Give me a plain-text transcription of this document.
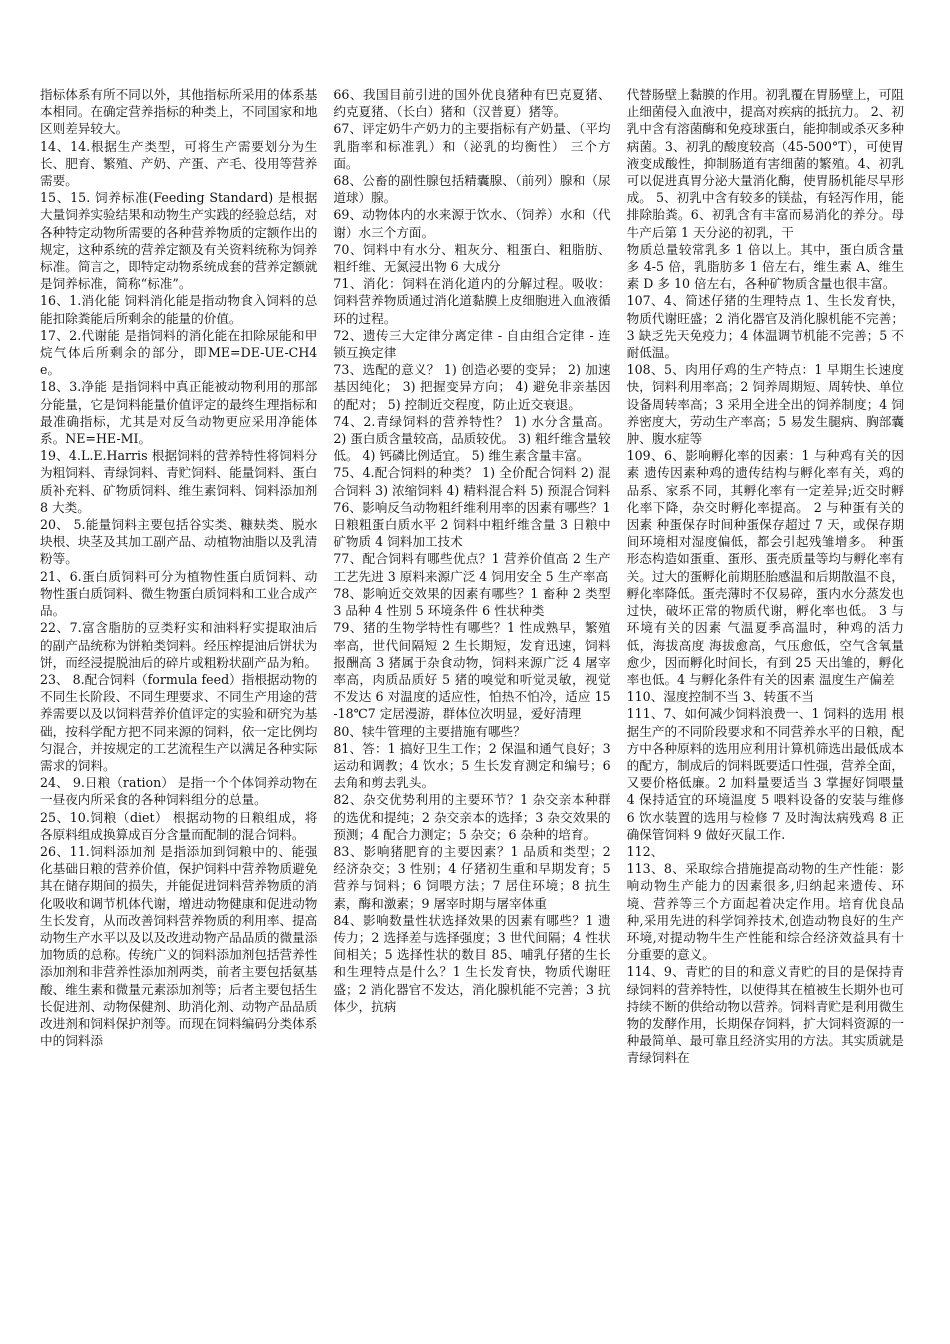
指标体系有所不同以外，其他指标所采用的体系基本相同。在确定营养指标的种类上，不同国家和地区则差异较大。

14、14.根据生产类型，可将生产需要划分为生长、肥育、繁殖、产奶、产蛋、产毛、役用等营养需要。

15、15. 饲养标准(Feeding Standard) 是根据大量饲养实验结果和动物生产实践的经验总结，对各种特定动物所需要的各种营养物质的定额作出的规定，这种系统的营养定额及有关资料统称为饲养标准。简言之，即特定动物系统成套的营养定额就是饲养标准，简称“标准”。

16、1.消化能 饲料消化能是指动物食入饲料的总能扣除粪能后所剩余的能量的价值。

17、2.代谢能 是指饲料的消化能在扣除尿能和甲烷气体后所剩余的部分，即ME=DE-UE-CH4e。

18、3.净能 是指饲料中真正能被动物利用的那部分能量，它是饲料能量价值评定的最终生理指标和最准确指标，尤其是对反刍动物更应采用净能体系。NE=HE-MI。

19、4.L.E.Harris 根据饲料的营养特性将饲料分为粗饲料、青绿饲料、青贮饲料、能量饲料、蛋白质补充料、矿物质饲料、维生素饲料、饲料添加剂 8 大类。

20、 5.能量饲料主要包括谷实类、糠麸类、脱水块根、块茎及其加工副产品、动植物油脂以及乳清粉等。

21、6.蛋白质饲料可分为植物性蛋白质饲料、动物性蛋白质饲料、微生物蛋白质饲料和工业合成产品。

22、7.富含脂肪的豆类籽实和油料籽实提取油后的副产品统称为饼粕类饲料。经压榨提油后饼状为饼，而经浸提脱油后的碎片或粗粉状副产品为粕。

23、 8.配合饲料（formula feed）指根据动物的不同生长阶段、不同生理要求、不同生产用途的营养需要以及以饲料营养价值评定的实验和研究为基础，按科学配方把不同来源的饲料，依一定比例均匀混合，并按规定的工艺流程生产以满足各种实际需求的饲料。

24、 9.日粮（ration） 是指一个个体饲养动物在一昼夜内所采食的各种饲料组分的总量。

25、10.饲粮（diet） 根据动物的日粮组成，将各原料组成换算成百分含量而配制的混合饲料。

26、11.饲料添加剂 是指添加到饲粮中的、能强化基础日粮的营养价值，保护饲料中营养物质避免其在储存期间的损失，并能促进饲料营养物质的消化吸收和调节机体代谢，增进动物健康和促进动物生长发育，从而改善饲料营养物质的利用率、提高动物生产水平以及以及改进动物产品品质的微量添加物质的总称。传统广义的饲料添加剂包括营养性添加剂和非营养性添加剂两类，前者主要包括氨基酸、维生素和微量元素添加剂等；后者主要包括生长促进剂、动物保健剂、助消化剂、动物产品品质改进剂和饲料保护剂等。而现在饲料编码分类体系中的饲料添

66、我国目前引进的国外优良猪种有巴克夏猪、约克夏猪、（长白）猪和（汉普夏）猪等。

67、评定奶牛产奶力的主要指标有产奶量、（平均乳脂率和标准乳）和（泌乳的均衡性） 三个方面。

68、公畜的副性腺包括精囊腺、（前列）腺和（尿道球）腺。

69、动物体内的水来源于饮水、（饲养）水和（代谢）水三个方面。

70、饲料中有水分、粗灰分、粗蛋白、粗脂肪、粗纤维、无氮浸出物 6 大成分

71、消化：饲料在消化道内的分解过程。吸收：饲料营养物质通过消化道黏膜上皮细胞进入血液循环的过程。

72、遗传三大定律分离定律 - 自由组合定律 - 连锁互换定律

73、选配的意义？ 1) 创造必要的变异； 2) 加速基因纯化； 3) 把握变异方向； 4) 避免非亲基因的配对； 5) 控制近交程度，防止近交衰退。

74、2.青绿饲料的营养特性？ 1) 水分含量高。 2) 蛋白质含量较高，品质较优。 3) 粗纤维含量较低。 4) 钙磷比例适宜。 5) 维生素含量丰富。

75、4.配合饲料的种类？ 1) 全价配合饲料 2) 混合饲料 3) 浓缩饲料 4) 精料混合料 5) 预混合饲料

76、影响反刍动物粗纤维利用率的因素有哪些？1 日粮粗蛋白质水平 2 饲料中粗纤维含量 3 日粮中矿物质 4 饲料加工技术

77、配合饲料有哪些优点？1 营养价值高 2 生产工艺先进 3 原料来源广泛 4 饲用安全 5 生产率高

78、影响近交效果的因素有哪些？1 畜种 2 类型 3 品种 4 性别 5 环境条件 6 性状种类

79、猪的生物学特性有哪些？1 性成熟早，繁殖率高，世代间隔短 2 生长期短，发育迅速，饲料报酬高 3 猪属于杂食动物，饲料来源广泛 4 屠宰率高，肉质品质好 5 猪的嗅觉和听觉灵敏，视觉不发达 6 对温度的适应性，怕热不怕冷，适应 15-18℃7 定居漫游，群体位次明显，爱好清理

80、犊牛管理的主要措施有哪些？

81、答：1 搞好卫生工作；2 保温和通气良好；3 运动和调教；4 饮水；5 生长发育测定和编号；6 去角和剪去乳头。

82、杂交优势利用的主要环节？1 杂交亲本种群的选优和提纯；2 杂交亲本的选择；3 杂交效果的预测；4 配合力测定；5 杂交；6 杂种的培育。

83、影响猪肥育的主要因素？1 品质和类型；2 经济杂交；3 性别；4 仔猪初生重和早期发育；5 营养与饲料；6 饲喂方法；7 居住环境；8 抗生素，酶和激素；9 屠宰时期与屠宰体重

84、影响数量性状选择效果的因素有哪些？1 遗传力；2 选择差与选择强度；3 世代间隔；4 性状间相关；5 选择性状的数目 85、哺乳仔猪的生长和生理特点是什么？1 生长发育快，物质代谢旺盛；2 消化器官不发达，消化腺机能不完善；3 抗体少，抗病

代替肠壁上黏膜的作用。初乳覆在胃肠壁上，可阻止细菌侵入血液中，提高对疾病的抵抗力。 2、初乳中含有溶菌酶和免疫球蛋白，能抑制或杀灭多种病菌。3、初乳的酸度较高（45-500°T），可使胃液变成酸性，抑制肠道有害细菌的繁殖。4、初乳可以促进真胃分泌大量消化酶，使胃肠机能尽早形成。 5、初乳中含有较多的镁盐，有轻泻作用，能排除胎粪。6、初乳含有丰富而易消化的养分。母牛产后第 1 天分泌的初乳，干

物质总量较常乳多 1 倍以上。其中，蛋白质含量多 4-5 倍，乳脂肪多 1 倍左右，维生素 A、维生素 D 多 10 倍左右，各种矿物质含量也很丰富。

107、4、简述仔猪的生理特点 1、生长发育快，物质代谢旺盛；2 消化器官及消化腺机能不完善；3 缺乏先天免疫力；4 体温调节机能不完善；5 不耐低温。

108、5、肉用仔鸡的生产特点：1 早期生长速度快，饲料利用率高；2 饲养周期短、周转快、单位设备周转率高；3 采用全进全出的饲养制度；4 饲养密度大，劳动生产率高；5 易发生腿病、胸部囊肿、腹水症等

109、6、影响孵化率的因素：1 与种鸡有关的因素 遗传因素种鸡的遗传结构与孵化率有关，鸡的品系、家系不同，其孵化率有一定差异;近交时孵化率下降，杂交时孵化率提高。 2 与种蛋有关的因素 种蛋保存时间种蛋保存超过 7 天，或保存期间环境相对湿度偏低，都会引起残雏增多。 种蛋形态构造如蛋重、蛋形、蛋壳质量等均与孵化率有关。过大的蛋孵化前期胚胎感温和后期散温不良，孵化率降低。蛋壳薄时不仅易碎，蛋内水分蒸发也过快，破坏正常的物质代谢，孵化率也低。 3 与环境有关的因素 气温夏季高温时，种鸡的活力低，海拔高度 海拔愈高，气压愈低，空气含氧量愈少，因而孵化时间长，有到 25 天出雏的，孵化率也低。4 与孵化条件有关的因素 温度生产偏差

110、湿度控制不当 3、转蛋不当

111、7、如何减少饲料浪费一、1 饲料的选用 根据生产的不同阶段要求和不同营养水平的日粮，配方中各种原料的选用应利用计算机筛选出最低成本的配方，制成后的饲料既要适口性强，营养全面，又要价格低廉。2 加料量要适当 3 掌握好饲喂量 4 保持适宜的环境温度 5 喂料设备的安装与维修 6 饮水装置的选用与检修 7 及时淘汰病残鸡 8 正确保管饲料 9 做好灭鼠工作.

112、

113、8、采取综合措施提高动物的生产性能：影响动物生产能力的因素很多,归纳起来遗传、环境、营养等三个方面起着决定作用。培育优良品种,采用先进的科学饲养技术,创造动物良好的生产环境,对提动物牛生产性能和综合经济效益具有十分重要的意义。

114、9、青贮的目的和意义青贮的目的是保持青绿饲料的营养特性，以使得其在植被生长期外也可持续不断的供给动物以营养。饲料青贮是利用微生物的发酵作用，长期保存饲料，扩大饲料资源的一种最简单、最可靠且经济实用的方法。其实质就是青绿饲料在
